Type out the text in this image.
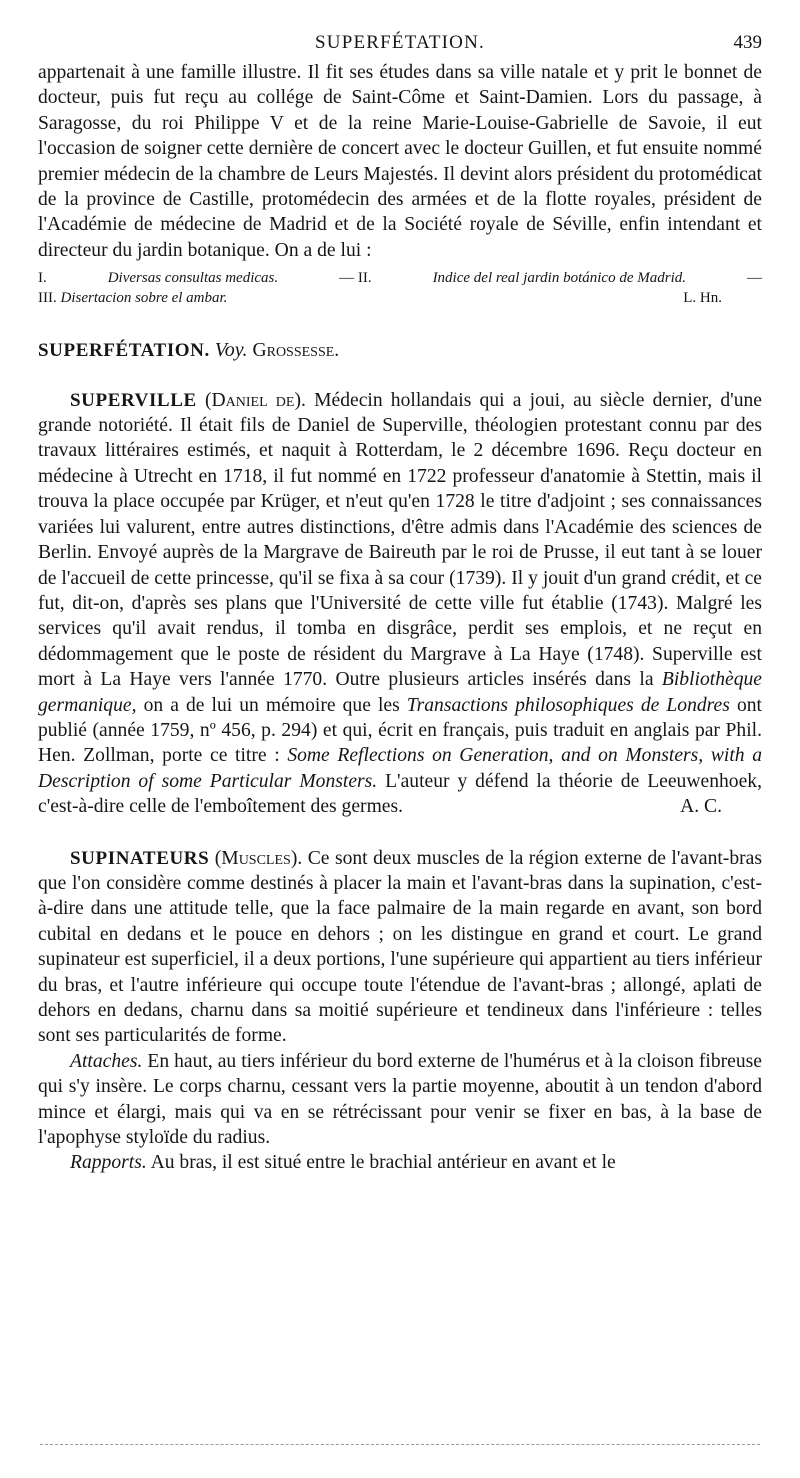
SUPERFÉTATION.	439

appartenait à une famille illustre. Il fit ses études dans sa ville natale et y prit le bonnet de docteur, puis fut reçu au collége de Saint-Côme et Saint-Damien. Lors du passage, à Saragosse, du roi Philippe V et de la reine Marie-Louise-Gabrielle de Savoie, il eut l'occasion de soigner cette dernière de concert avec le docteur Guillen, et fut ensuite nommé premier médecin de la chambre de Leurs Majestés. Il devint alors président du protomédicat de la province de Castille, protomédecin des armées et de la flotte royales, président de l'Académie de médecine de Madrid et de la Société royale de Séville, enfin intendant et directeur du jardin botanique. On a de lui :

I.	Diversas consultas medicas.	— II.	Indice del real jardin botánico de Madrid.	—
III. Disertacion sobre el ambar.	L. Hn.

SUPERFÉTATION. Voy. Grossesse.

SUPERVILLE (Daniel de). Médecin hollandais qui a joui, au siècle dernier, d'une grande notoriété. Il était fils de Daniel de Superville, théologien protestant connu par des travaux littéraires estimés, et naquit à Rotterdam, le 2 décembre 1696. Reçu docteur en médecine à Utrecht en 1718, il fut nommé en 1722 professeur d'anatomie à Stettin, mais il trouva la place occupée par Krüger, et n'eut qu'en 1728 le titre d'adjoint ; ses connaissances variées lui valurent, entre autres distinctions, d'être admis dans l'Académie des sciences de Berlin. Envoyé auprès de la Margrave de Baireuth par le roi de Prusse, il eut tant à se louer de l'accueil de cette princesse, qu'il se fixa à sa cour (1739). Il y jouit d'un grand crédit, et ce fut, dit-on, d'après ses plans que l'Université de cette ville fut établie (1743). Malgré les services qu'il avait rendus, il tomba en disgrâce, perdit ses emplois, et ne reçut en dédommagement que le poste de résident du Margrave à La Haye (1748). Superville est mort à La Haye vers l'année 1770. Outre plusieurs articles insérés dans la Bibliothèque germanique, on a de lui un mémoire que les Transactions philosophiques de Londres ont publié (année 1759, nº 456, p. 294) et qui, écrit en français, puis traduit en anglais par Phil. Hen. Zollman, porte ce titre : Some Reflections on Generation, and on Monsters, with a Description of some Particular Monsters. L'auteur y défend la théorie de Leeuwenhoek, c'est-à-dire celle de l'emboîtement des germes.	A. C.

SUPINATEURS (Muscles). Ce sont deux muscles de la région externe de l'avant-bras que l'on considère comme destinés à placer la main et l'avant-bras dans la supination, c'est-à-dire dans une attitude telle, que la face palmaire de la main regarde en avant, son bord cubital en dedans et le pouce en dehors ; on les distingue en grand et court. Le grand supinateur est superficiel, il a deux portions, l'une supérieure qui appartient au tiers inférieur du bras, et l'autre inférieure qui occupe toute l'étendue de l'avant-bras ; allongé, aplati de dehors en dedans, charnu dans sa moitié supérieure et tendineux dans l'inférieure : telles sont ses particularités de forme.

Attaches. En haut, au tiers inférieur du bord externe de l'humérus et à la cloison fibreuse qui s'y insère. Le corps charnu, cessant vers la partie moyenne, aboutit à un tendon d'abord mince et élargi, mais qui va en se rétrécissant pour venir se fixer en bas, à la base de l'apophyse styloïde du radius.

Rapports. Au bras, il est situé entre le brachial antérieur en avant et le
